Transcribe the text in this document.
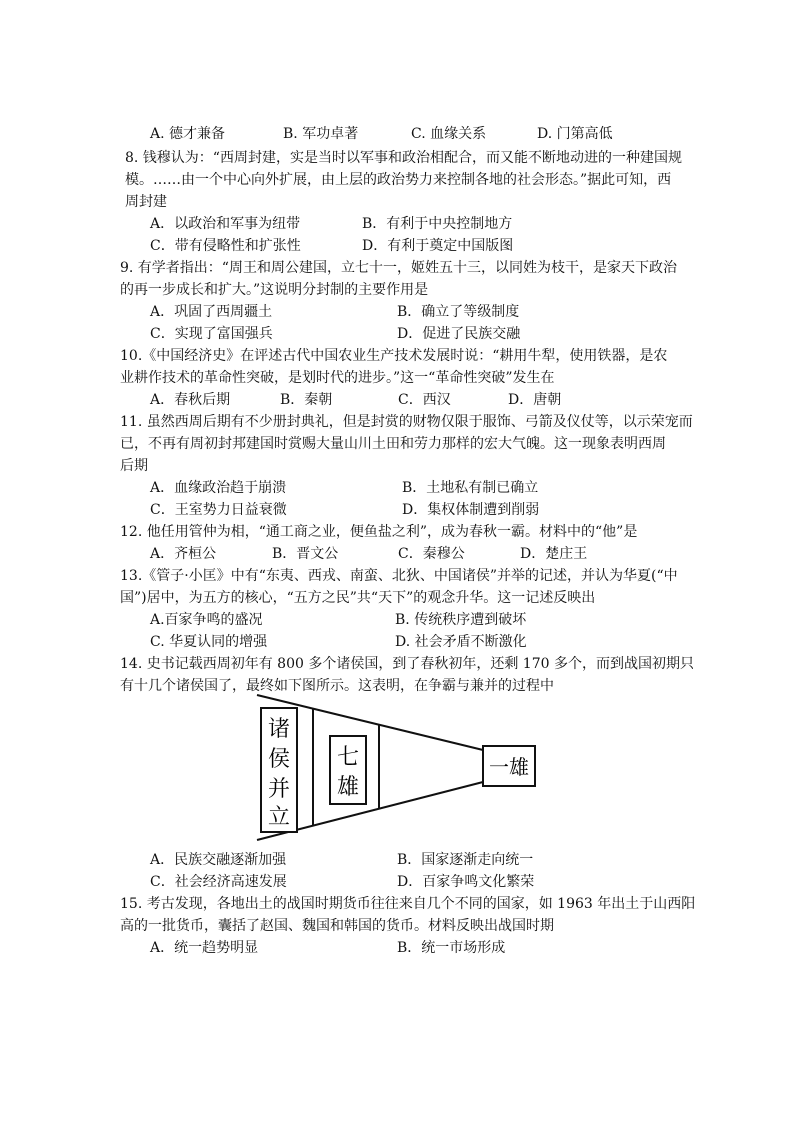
A. 德才兼备	B. 军功卓著	C. 血缘关系	D. 门第高低
8. 钱穆认为：“西周封建，实是当时以军事和政治相配合，而又能不断地动进的一种建国规
模。……由一个中心向外扩展，由上层的政治势力来控制各地的社会形态。”据此可知，西
周封建
A．以政治和军事为纽带	B．有利于中央控制地方
C．带有侵略性和扩张性	D．有利于奠定中国版图
9. 有学者指出：“周王和周公建国，立七十一，姬姓五十三，以同姓为枝干，是家天下政治
的再一步成长和扩大。”这说明分封制的主要作用是
A．巩固了西周疆土	B．确立了等级制度
C．实现了富国强兵	D．促进了民族交融
10.《中国经济史》在评述古代中国农业生产技术发展时说：“耕用牛犁，使用铁器，是农
业耕作技术的革命性突破，是划时代的进步。”这一“革命性突破”发生在
A．春秋后期	B．秦朝	C．西汉	D．唐朝
11. 虽然西周后期有不少册封典礼，但是封赏的财物仅限于服饰、弓箭及仪仗等，以示荣宠而
已，不再有周初封邦建国时赏赐大量山川土田和劳力那样的宏大气魄。这一现象表明西周
后期
A．血缘政治趋于崩溃	B．土地私有制已确立
C．王室势力日益衰微	D．集权体制遭到削弱
12. 他任用管仲为相，“通工商之业，便鱼盐之利”，成为春秋一霸。材料中的“他”是
A．齐桓公	B．晋文公	C．秦穆公	D．楚庄王
13.《管子·小匡》中有“东夷、西戎、南蛮、北狄、中国诸侯”并举的记述，并认为华夏(“中
国”)居中，为五方的核心，“五方之民”共“天下”的观念升华。这一记述反映出
A.百家争鸣的盛况	B. 传统秩序遭到破坏
C. 华夏认同的增强	D. 社会矛盾不断激化
14. 史书记载西周初年有 800 多个诸侯国，到了春秋初年，还剩 170 多个，而到战国初期只
有十几个诸侯国了，最终如下图所示。这表明，在争霸与兼并的过程中
诸
侯
并
立
七
雄
一雄
A．民族交融逐渐加强	B．国家逐渐走向统一
C．社会经济高速发展	D．百家争鸣文化繁荣
15. 考古发现，各地出土的战国时期货币往往来自几个不同的国家，如 1963 年出土于山西阳
高的一批货币，囊括了赵国、魏国和韩国的货币。材料反映出战国时期
A．统一趋势明显	B．统一市场形成
